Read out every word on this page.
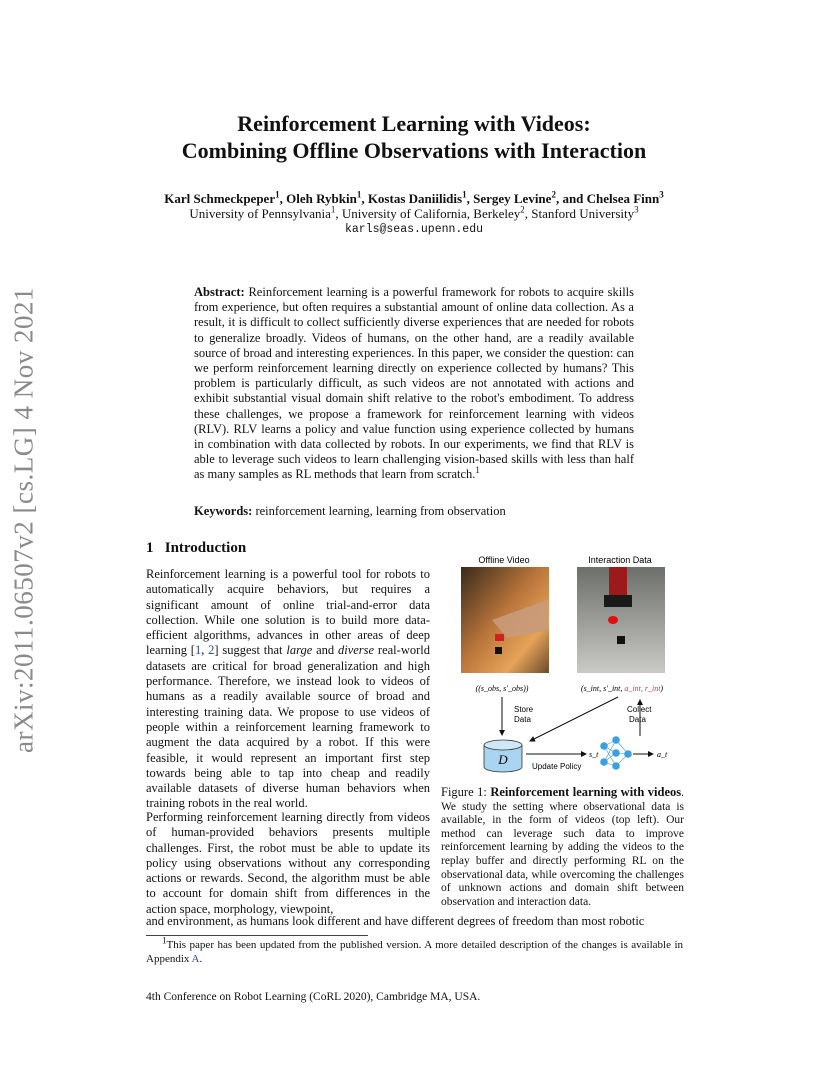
arXiv:2011.06507v2 [cs.LG] 4 Nov 2021
Reinforcement Learning with Videos:
Combining Offline Observations with Interaction
Karl Schmeckpeper$^1$, Oleh Rybkin$^1$, Kostas Daniilidis$^1$, Sergey Levine$^2$, and Chelsea Finn$^3$
University of Pennsylvania$^1$, University of California, Berkeley$^2$, Stanford University$^3$
karls@seas.upenn.edu
Abstract: Reinforcement learning is a powerful framework for robots to acquire skills from experience, but often requires a substantial amount of online data collection. As a result, it is difficult to collect sufficiently diverse experiences that are needed for robots to generalize broadly. Videos of humans, on the other hand, are a readily available source of broad and interesting experiences. In this paper, we consider the question: can we perform reinforcement learning directly on experience collected by humans? This problem is particularly difficult, as such videos are not annotated with actions and exhibit substantial visual domain shift relative to the robot's embodiment. To address these challenges, we propose a framework for reinforcement learning with videos (RLV). RLV learns a policy and value function using experience collected by humans in combination with data collected by robots. In our experiments, we find that RLV is able to leverage such videos to learn challenging vision-based skills with less than half as many samples as RL methods that learn from scratch.$^1$
Keywords: reinforcement learning, learning from observation
1 Introduction
Reinforcement learning is a powerful tool for robots to automatically acquire behaviors, but requires a significant amount of online trial-and-error data collection. While one solution is to build more data-efficient algorithms, advances in other areas of deep learning [1, 2] suggest that large and diverse real-world datasets are critical for broad generalization and high performance. Therefore, we instead look to videos of humans as a readily available source of broad and interesting training data. We propose to use videos of people within a reinforcement learning framework to augment the data acquired by a robot. If this were feasible, it would represent an important first step towards being able to tap into cheap and readily available datasets of diverse human behaviors when training robots in the real world.
Performing reinforcement learning directly from videos of human-provided behaviors presents multiple challenges. First, the robot must be able to update its policy using observations without any corresponding actions or rewards. Second, the algorithm must be able to account for domain shift from differences in the action space, morphology, viewpoint,
and environment, as humans look different and have different degrees of freedom than most robotic
Offline Video	Interaction Data
((s_obs, s'_obs))	(s_int, s'_int, a_int, r_int)
Store
Data
Collect
Data
D	Update Policy
s_t	a_t
Figure 1: Reinforcement learning with videos. We study the setting where observational data is available, in the form of videos (top left). Our method can leverage such data to improve reinforcement learning by adding the videos to the replay buffer and directly performing RL on the observational data, while overcoming the challenges of unknown actions and domain shift between observation and interaction data.
$^1$This paper has been updated from the published version. A more detailed description of the changes is available in Appendix A.
4th Conference on Robot Learning (CoRL 2020), Cambridge MA, USA.
